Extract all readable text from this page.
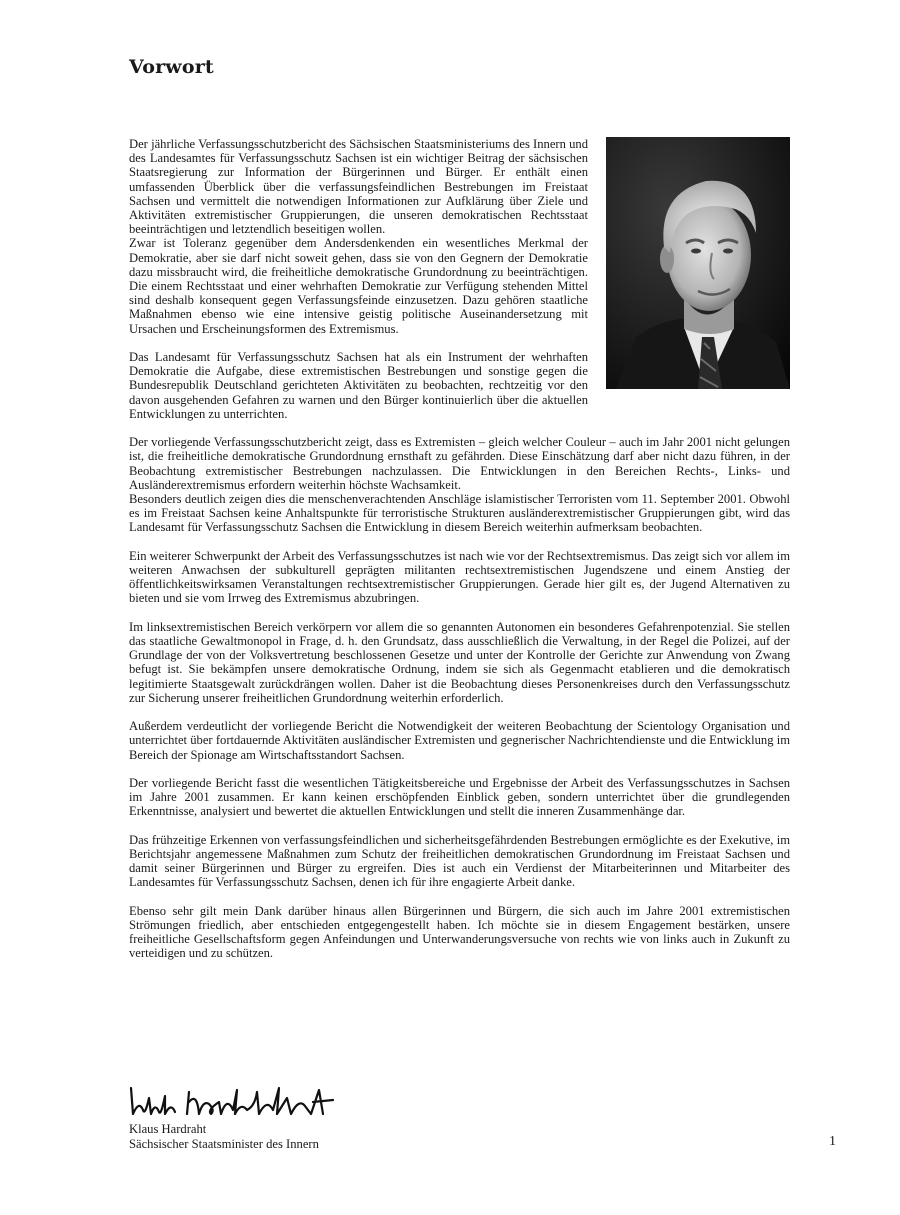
Vorwort

Der jährliche Verfassungsschutzbericht des Sächsischen Staatsministeriums des Innern und des Landesamtes für Verfassungsschutz Sachsen ist ein wichtiger Beitrag der sächsischen Staatsregierung zur Information der Bürgerinnen und Bürger. Er enthält einen umfassenden Überblick über die verfassungsfeindlichen Bestrebungen im Freistaat Sachsen und vermittelt die notwendigen Informationen zur Aufklärung über Ziele und Aktivitäten extremistischer Gruppierungen, die unseren demokratischen Rechtsstaat beeinträchtigen und letztendlich beseitigen wollen.

Zwar ist Toleranz gegenüber dem Andersdenkenden ein wesentliches Merkmal der Demokratie, aber sie darf nicht soweit gehen, dass sie von den Gegnern der Demokratie dazu missbraucht wird, die freiheitliche demokratische Grundordnung zu beeinträchtigen. Die einem Rechtsstaat und einer wehrhaften Demokratie zur Verfügung stehenden Mittel sind deshalb konsequent gegen Verfassungsfeinde einzusetzen. Dazu gehören staatliche Maßnahmen ebenso wie eine intensive geistig politische Auseinandersetzung mit Ursachen und Erscheinungsformen des Extremismus.

Das Landesamt für Verfassungsschutz Sachsen hat als ein Instrument der wehrhaften Demokratie die Aufgabe, diese extremistischen Bestrebungen und sonstige gegen die Bundesrepublik Deutschland gerichteten Aktivitäten zu beobachten, rechtzeitig vor den davon ausgehenden Gefahren zu warnen und den Bürger kontinuierlich über die aktuellen Entwicklungen zu unterrichten.

Der vorliegende Verfassungsschutzbericht zeigt, dass es Extremisten – gleich welcher Couleur – auch im Jahr 2001 nicht gelungen ist, die freiheitliche demokratische Grundordnung ernsthaft zu gefährden. Diese Einschätzung darf aber nicht dazu führen, in der Beobachtung extremistischer Bestrebungen nachzulassen. Die Entwicklungen in den Bereichen Rechts-, Links- und Ausländerextremismus erfordern weiterhin höchste Wachsamkeit.

Besonders deutlich zeigen dies die menschenverachtenden Anschläge islamistischer Terroristen vom 11. September 2001. Obwohl es im Freistaat Sachsen keine Anhaltspunkte für terroristische Strukturen ausländerextremistischer Gruppierungen gibt, wird das Landesamt für Verfassungsschutz Sachsen die Entwicklung in diesem Bereich weiterhin aufmerksam beobachten.

Ein weiterer Schwerpunkt der Arbeit des Verfassungsschutzes ist nach wie vor der Rechtsextremismus. Das zeigt sich vor allem im weiteren Anwachsen der subkulturell geprägten militanten rechtsextremistischen Jugendszene und einem Anstieg der öffentlichkeitswirksamen Veranstaltungen rechtsextremistischer Gruppierungen. Gerade hier gilt es, der Jugend Alternativen zu bieten und sie vom Irrweg des Extremismus abzubringen.

Im linksextremistischen Bereich verkörpern vor allem die so genannten Autonomen ein besonderes Gefahrenpotenzial. Sie stellen das staatliche Gewaltmonopol in Frage, d. h. den Grundsatz, dass ausschließlich die Verwaltung, in der Regel die Polizei, auf der Grundlage der von der Volksvertretung beschlossenen Gesetze und unter der Kontrolle der Gerichte zur Anwendung von Zwang befugt ist. Sie bekämpfen unsere demokratische Ordnung, indem sie sich als Gegenmacht etablieren und die demokratisch legitimierte Staatsgewalt zurückdrängen wollen. Daher ist die Beobachtung dieses Personenkreises durch den Verfassungsschutz zur Sicherung unserer freiheitlichen Grundordnung weiterhin erforderlich.

Außerdem verdeutlicht der vorliegende Bericht die Notwendigkeit der weiteren Beobachtung der Scientology Organisation und unterrichtet über fortdauernde Aktivitäten ausländischer Extremisten und gegnerischer Nachrichtendienste und die Entwicklung im Bereich der Spionage am Wirtschaftsstandort Sachsen.

Der vorliegende Bericht fasst die wesentlichen Tätigkeitsbereiche und Ergebnisse der Arbeit des Verfassungsschutzes in Sachsen im Jahre 2001 zusammen. Er kann keinen erschöpfenden Einblick geben, sondern unterrichtet über die grundlegenden Erkenntnisse, analysiert und bewertet die aktuellen Entwicklungen und stellt die inneren Zusammenhänge dar.

Das frühzeitige Erkennen von verfassungsfeindlichen und sicherheitsgefährdenden Bestrebungen ermöglichte es der Exekutive, im Berichtsjahr angemessene Maßnahmen zum Schutz der freiheitlichen demokratischen Grundordnung im Freistaat Sachsen und damit seiner Bürgerinnen und Bürger zu ergreifen. Dies ist auch ein Verdienst der Mitarbeiterinnen und Mitarbeiter des Landesamtes für Verfassungsschutz Sachsen, denen ich für ihre engagierte Arbeit danke.

Ebenso sehr gilt mein Dank darüber hinaus allen Bürgerinnen und Bürgern, die sich auch im Jahre 2001 extremistischen Strömungen friedlich, aber entschieden entgegengestellt haben. Ich möchte sie in diesem Engagement bestärken, unsere freiheitliche Gesellschaftsform gegen Anfeindungen und Unterwanderungsversuche von rechts wie von links auch in Zukunft zu verteidigen und zu schützen.

Klaus Hardraht
Sächsischer Staatsminister des Innern	1
